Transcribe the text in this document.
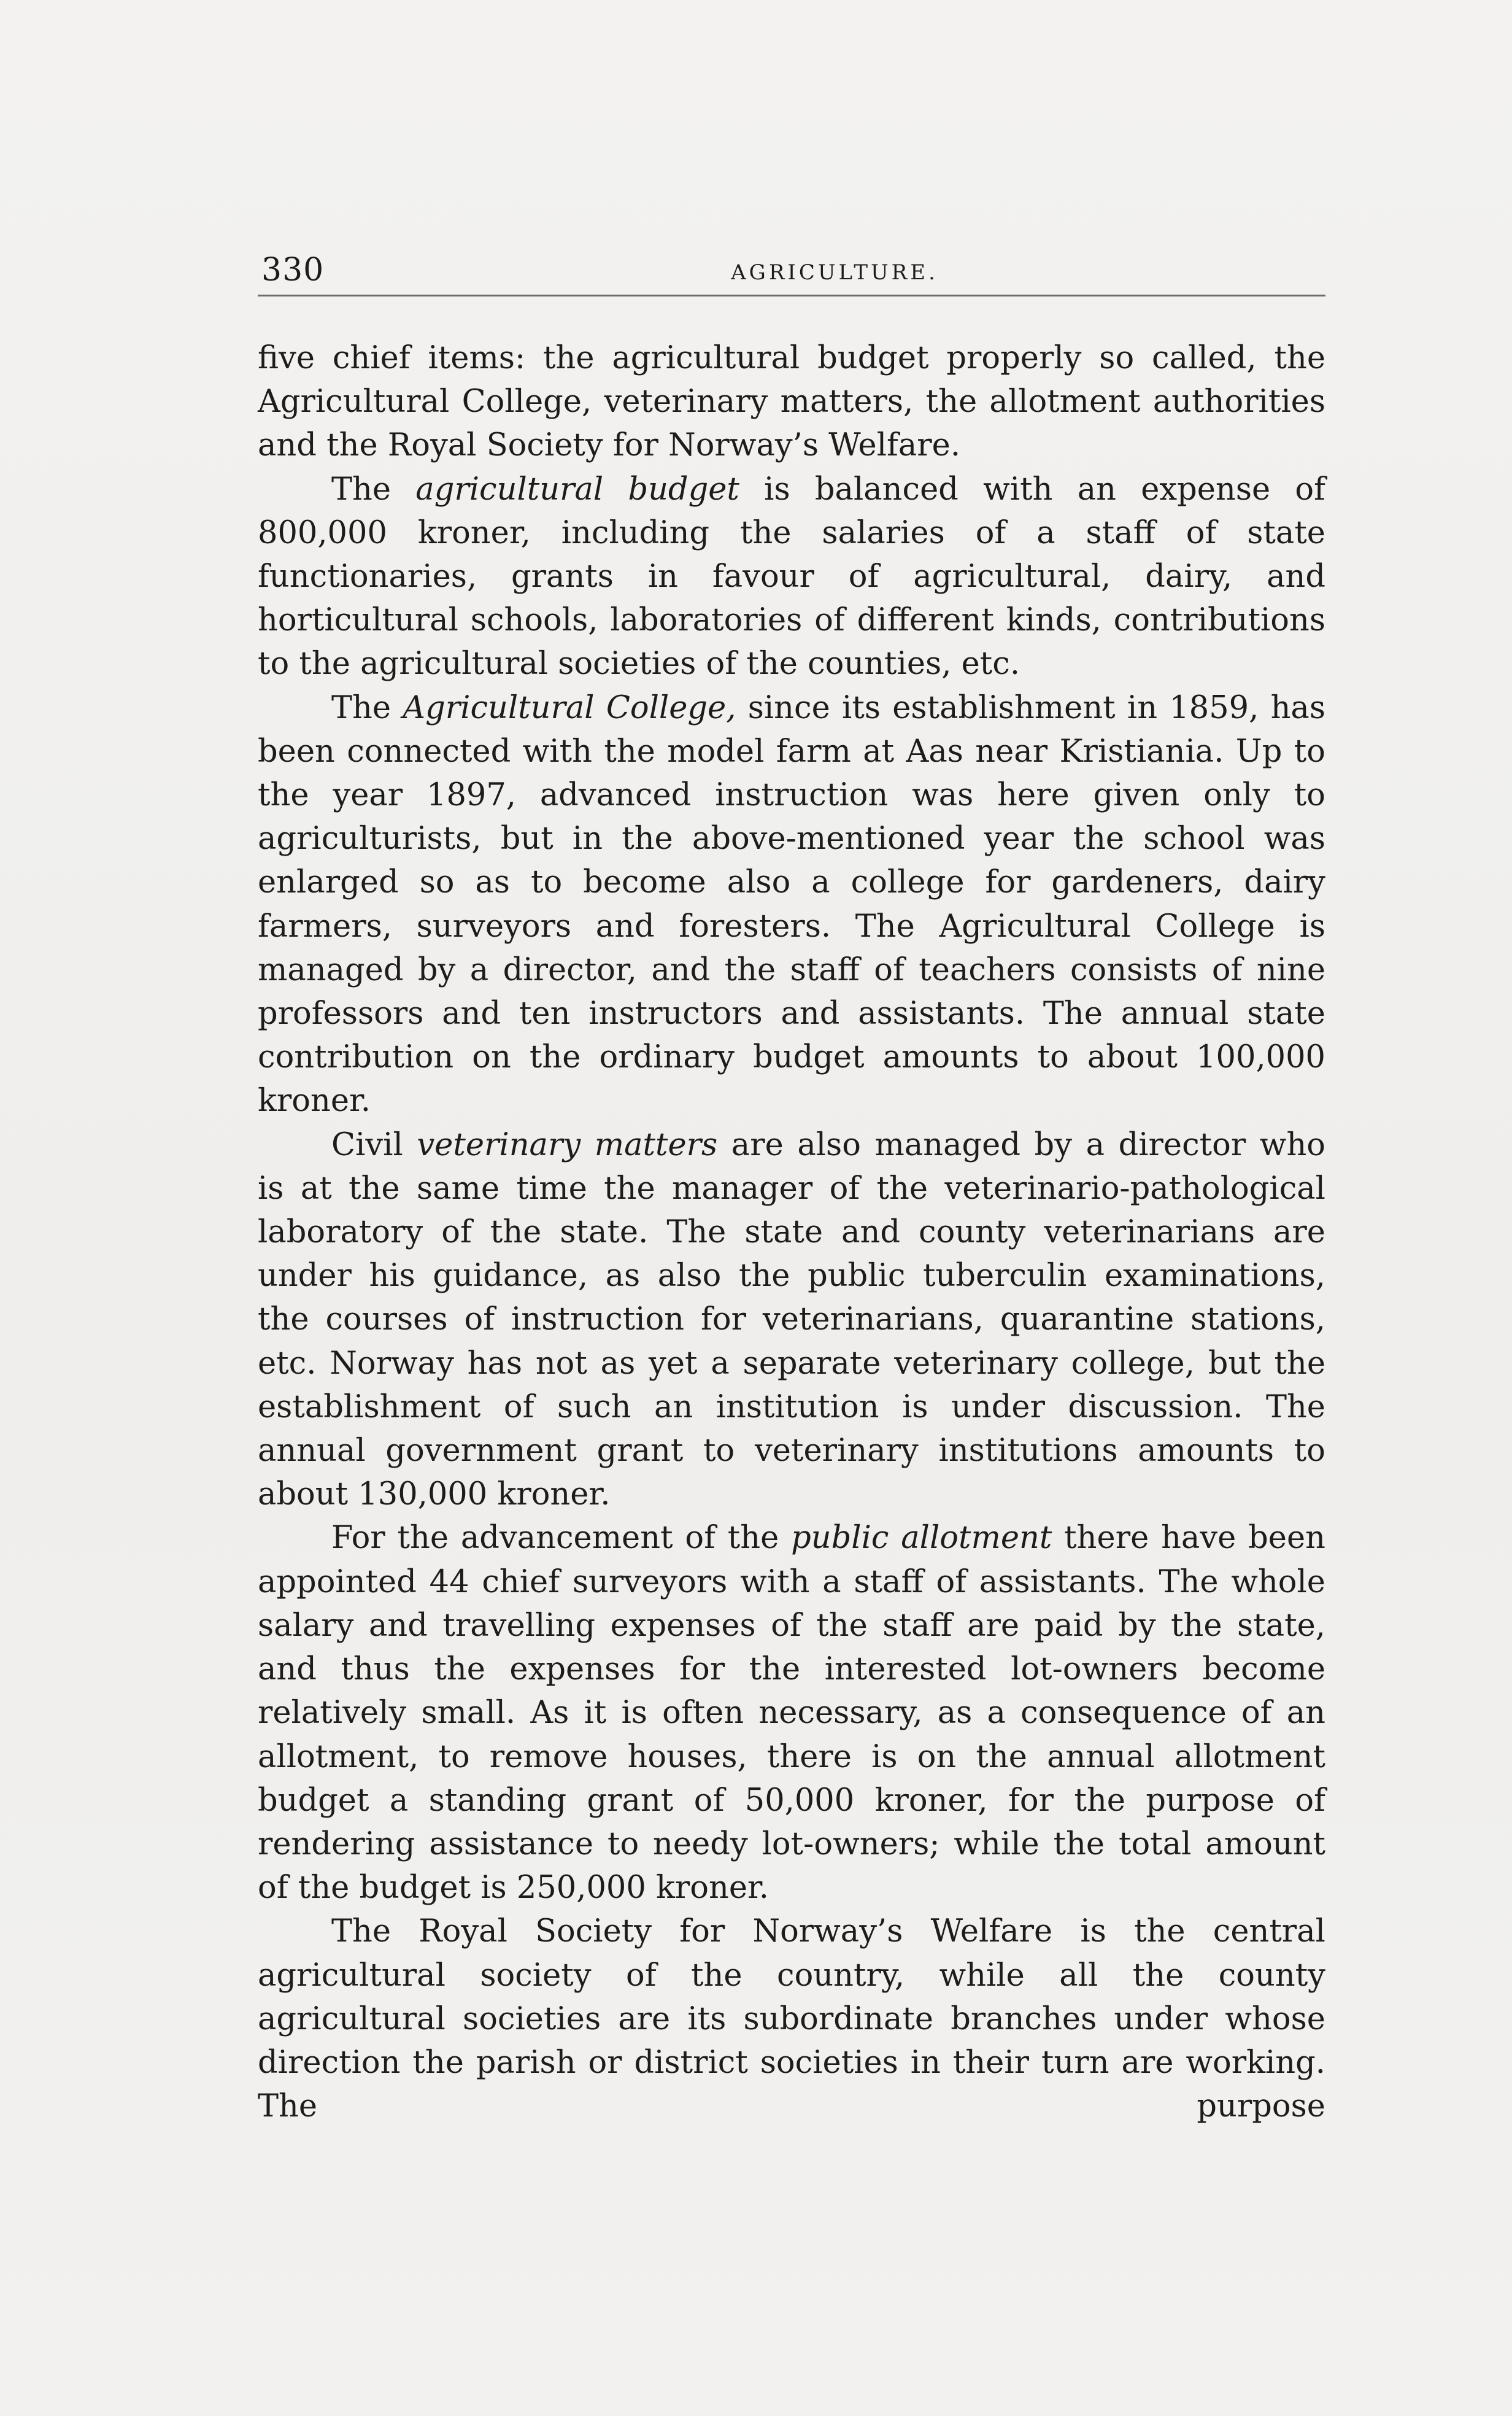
330	AGRICULTURE.

five chief items: the agricultural budget properly so called, the Agricultural College, veterinary matters, the allotment authorities and the Royal Society for Norway’s Welfare.

The agricultural budget is balanced with an expense of 800,000 kroner, including the salaries of a staff of state functionaries, grants in favour of agricultural, dairy, and horticultural schools, laboratories of different kinds, contributions to the agricultural societies of the counties, etc.

The Agricultural College, since its establishment in 1859, has been connected with the model farm at Aas near Kristiania. Up to the year 1897, advanced instruction was here given only to agriculturists, but in the above-mentioned year the school was enlarged so as to become also a college for gardeners, dairy farmers, surveyors and foresters. The Agricultural College is managed by a director, and the staff of teachers consists of nine professors and ten instructors and assistants. The annual state contribution on the ordinary budget amounts to about 100,000 kroner.

Civil veterinary matters are also managed by a director who is at the same time the manager of the veterinario-pathological laboratory of the state. The state and county veterinarians are under his guidance, as also the public tuberculin examinations, the courses of instruction for veterinarians, quarantine stations, etc. Norway has not as yet a separate veterinary college, but the establishment of such an institution is under discussion. The annual government grant to veterinary institutions amounts to about 130,000 kroner.

For the advancement of the public allotment there have been appointed 44 chief surveyors with a staff of assistants. The whole salary and travelling expenses of the staff are paid by the state, and thus the expenses for the interested lot-owners become relatively small. As it is often necessary, as a consequence of an allotment, to remove houses, there is on the annual allotment budget a standing grant of 50,000 kroner, for the purpose of rendering assistance to needy lot-owners; while the total amount of the budget is 250,000 kroner.

The Royal Society for Norway’s Welfare is the central agricultural society of the country, while all the county agricultural societies are its subordinate branches under whose direction the parish or district societies in their turn are working. The purpose
